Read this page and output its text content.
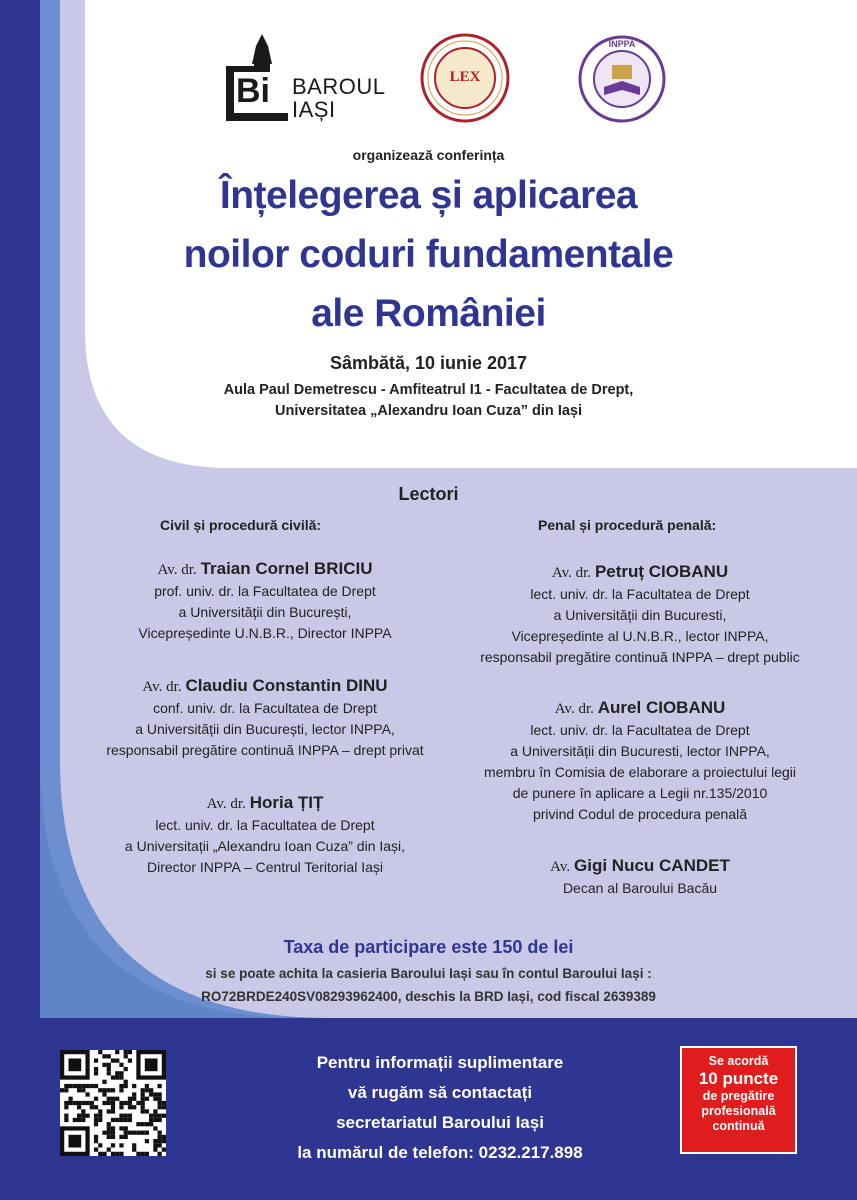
Bi BAROUL
IAȘI
LEX
INPPA
organizează conferința
Înțelegerea și aplicarea
noilor coduri fundamentale
ale României
Sâmbătă, 10 iunie 2017
Aula Paul Demetrescu - Amfiteatrul I1 - Facultatea de Drept,
Universitatea „Alexandru Ioan Cuza” din Iași
Lectori
Civil și procedură civilă:	Penal și procedură penală:
Av. dr. Traian Cornel BRICIU
prof. univ. dr. la Facultatea de Drept
a Universității din București,
Vicepreședinte U.N.B.R., Director INPPA
Av. dr. Claudiu Constantin DINU
conf. univ. dr. la Facultatea de Drept
a Universității din București, lector INPPA,
responsabil pregătire continuă INPPA – drept privat
Av. dr. Horia ȚIȚ
lect. univ. dr. la Facultatea de Drept
a Universitații „Alexandru Ioan Cuza” din Iași,
Director INPPA – Centrul Teritorial Iași
Av. dr. Petruț CIOBANU
lect. univ. dr. la Facultatea de Drept
a Universității din Bucuresti,
Vicepreședinte al U.N.B.R., lector INPPA,
responsabil pregătire continuă INPPA – drept public
Av. dr. Aurel CIOBANU
lect. univ. dr. la Facultatea de Drept
a Universității din Bucuresti, lector INPPA,
membru în Comisia de elaborare a proiectului legii
de punere în aplicare a Legii nr.135/2010
privind Codul de procedura penală
Av. Gigi Nucu CANDET
Decan al Baroului Bacău
Taxa de participare este 150 de lei
si se poate achita la casieria Baroului Iași sau în contul Baroului Iași :
RO72BRDE240SV08293962400, deschis la BRD Iași, cod fiscal 2639389
Pentru informații suplimentare
vă rugăm să contactați
secretariatul Baroului Iași
la numărul de telefon: 0232.217.898
Se acordă
10 puncte
de pregătire
profesională
continuă
